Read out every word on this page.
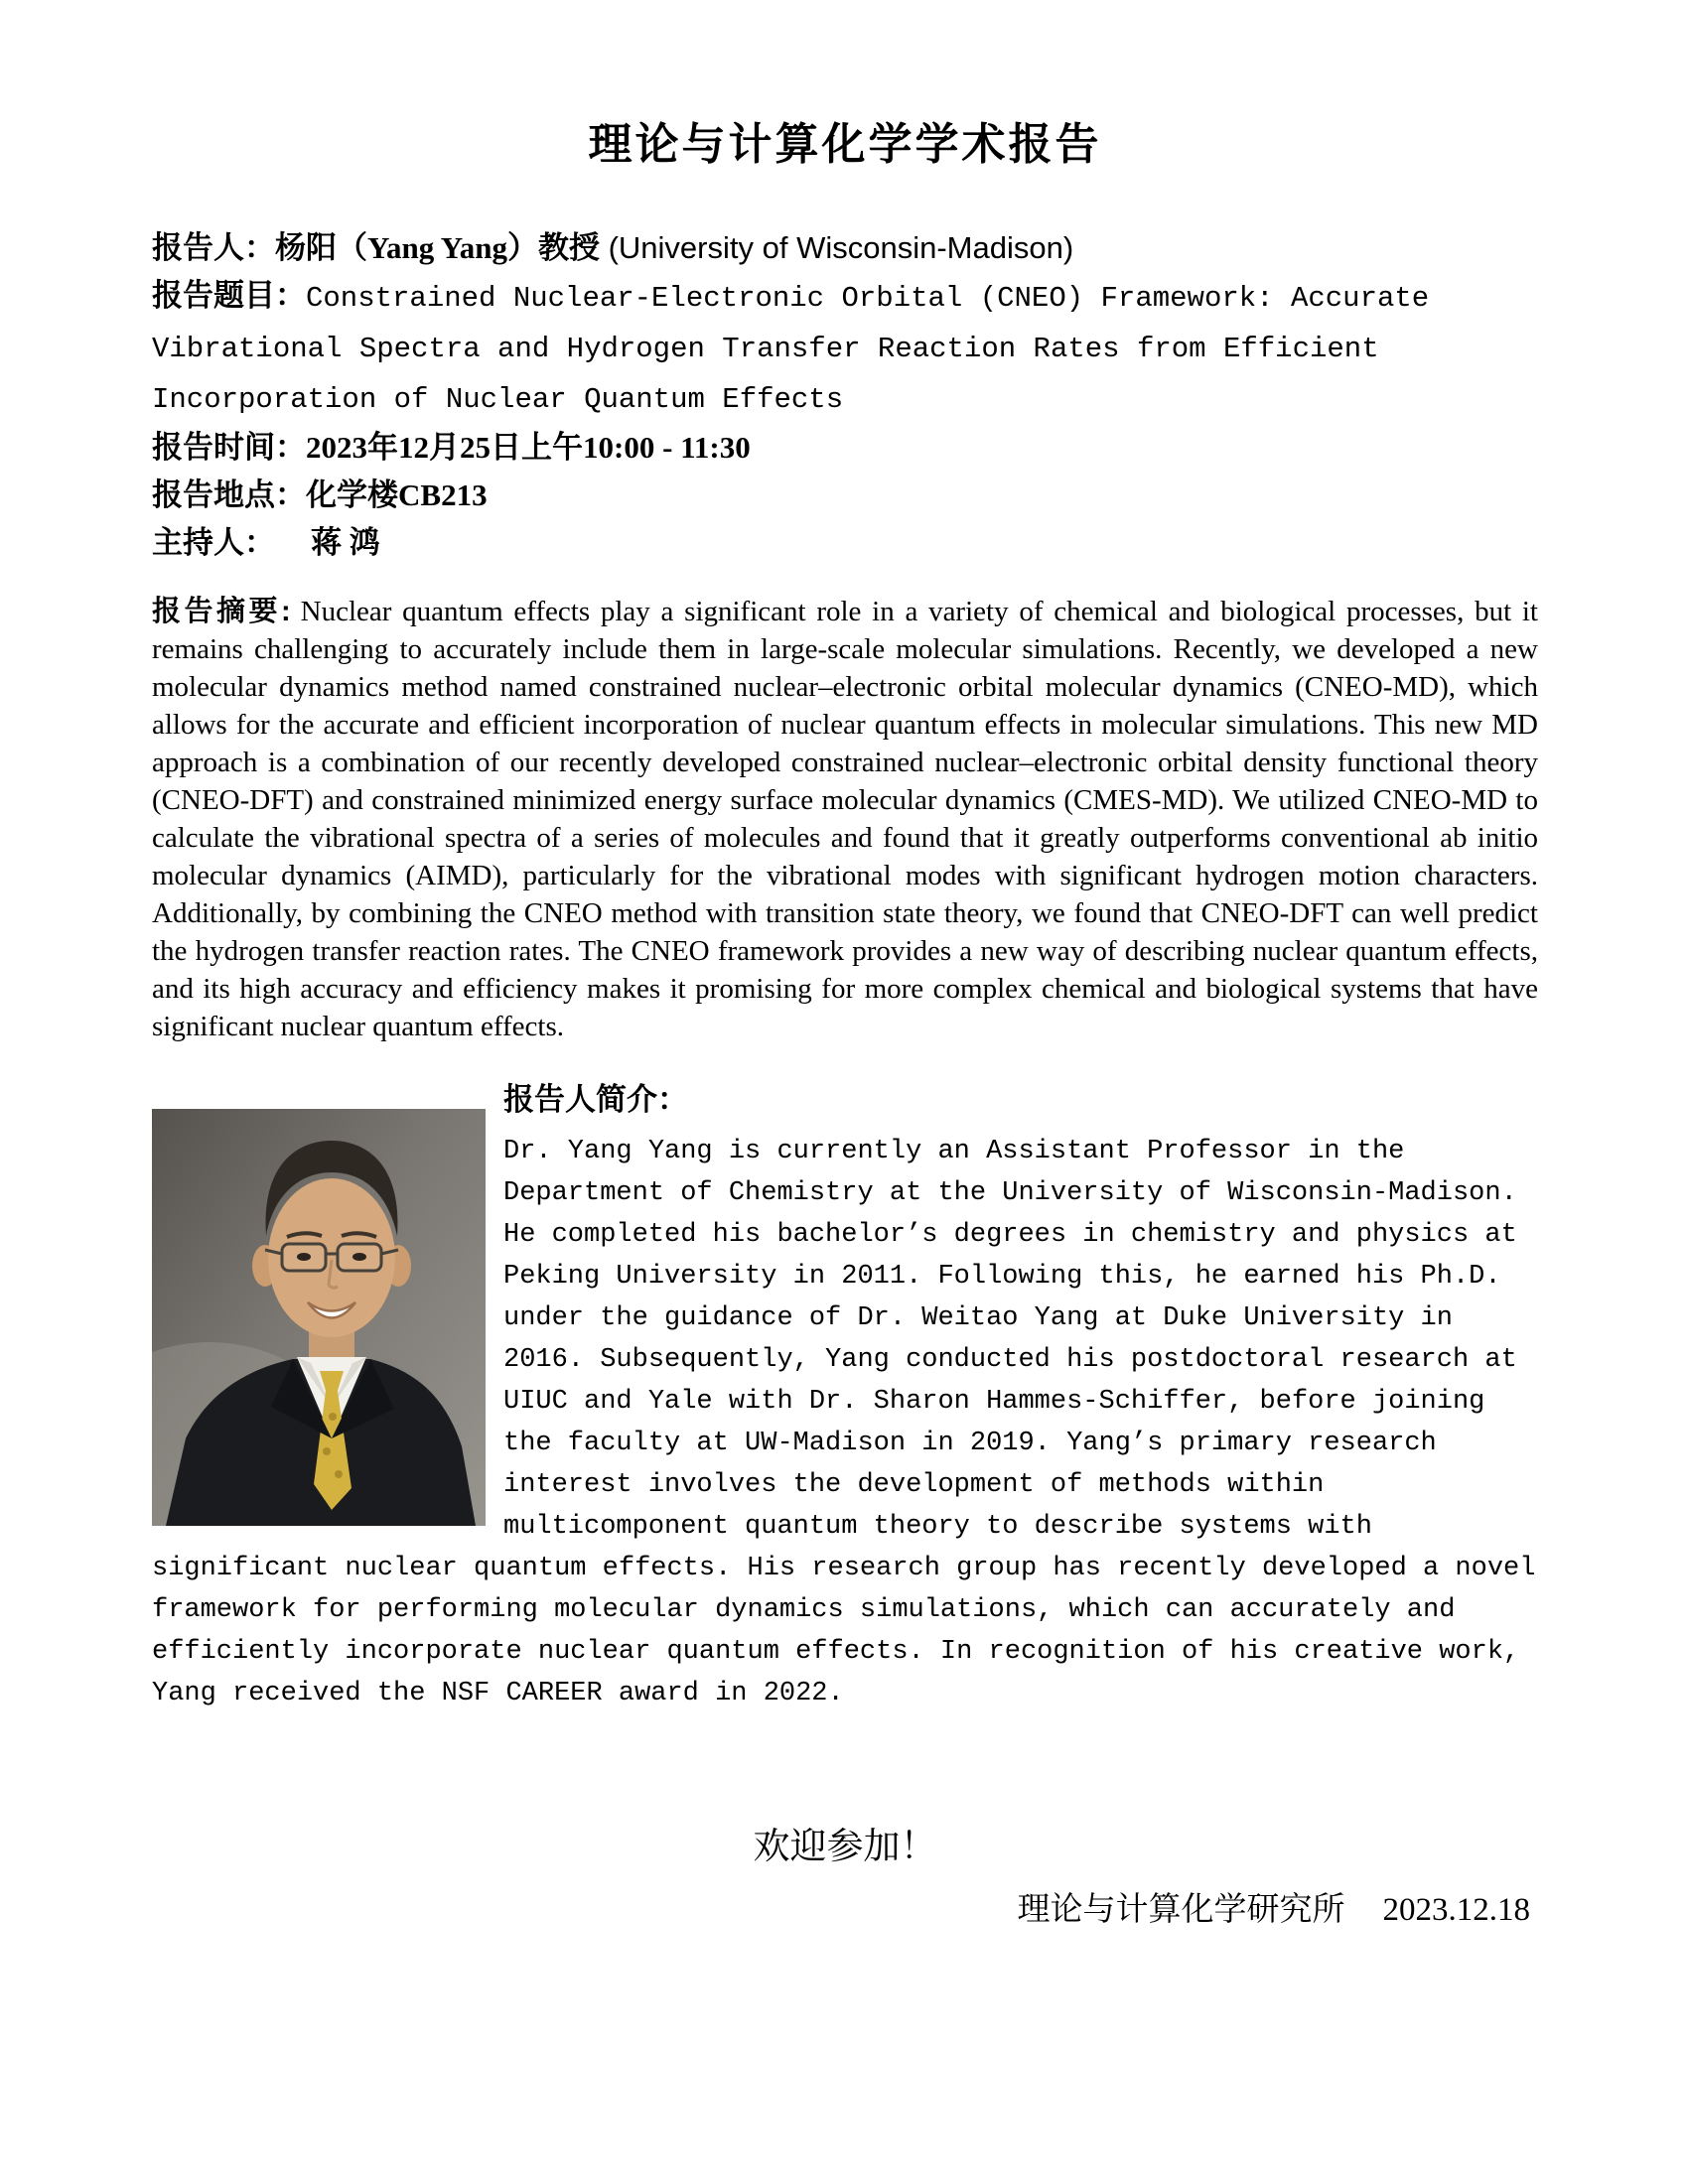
理论与计算化学学术报告
报告人：杨阳（Yang Yang）教授 (University of Wisconsin-Madison)
报告题目：Constrained Nuclear-Electronic Orbital (CNEO) Framework: Accurate Vibrational Spectra and Hydrogen Transfer Reaction Rates from Efficient Incorporation of Nuclear Quantum Effects
报告时间：2023年12月25日上午10:00 - 11:30
报告地点：化学楼CB213
主持人： 蒋 鸿

报告摘要: Nuclear quantum effects play a significant role in a variety of chemical and biological processes, but it remains challenging to accurately include them in large-scale molecular simulations. Recently, we developed a new molecular dynamics method named constrained nuclear–electronic orbital molecular dynamics (CNEO-MD), which allows for the accurate and efficient incorporation of nuclear quantum effects in molecular simulations. This new MD approach is a combination of our recently developed constrained nuclear–electronic orbital density functional theory (CNEO-DFT) and constrained minimized energy surface molecular dynamics (CMES-MD). We utilized CNEO-MD to calculate the vibrational spectra of a series of molecules and found that it greatly outperforms conventional ab initio molecular dynamics (AIMD), particularly for the vibrational modes with significant hydrogen motion characters. Additionally, by combining the CNEO method with transition state theory, we found that CNEO-DFT can well predict the hydrogen transfer reaction rates. The CNEO framework provides a new way of describing nuclear quantum effects, and its high accuracy and efficiency makes it promising for more complex chemical and biological systems that have significant nuclear quantum effects.

报告人简介：

Dr. Yang Yang is currently an Assistant Professor in the Department of Chemistry at the University of Wisconsin-Madison. He completed his bachelor’s degrees in chemistry and physics at Peking University in 2011. Following this, he earned his Ph.D. under the guidance of Dr. Weitao Yang at Duke University in 2016. Subsequently, Yang conducted his postdoctoral research at UIUC and Yale with Dr. Sharon Hammes-Schiffer, before joining the faculty at UW-Madison in 2019. Yang’s primary research interest involves the development of methods within multicomponent quantum theory to describe systems with significant nuclear quantum effects. His research group has recently developed a novel framework for performing molecular dynamics simulations, which can accurately and efficiently incorporate nuclear quantum effects. In recognition of his creative work, Yang received the NSF CAREER award in 2022.

欢迎参加！
理论与计算化学研究所 2023.12.18
